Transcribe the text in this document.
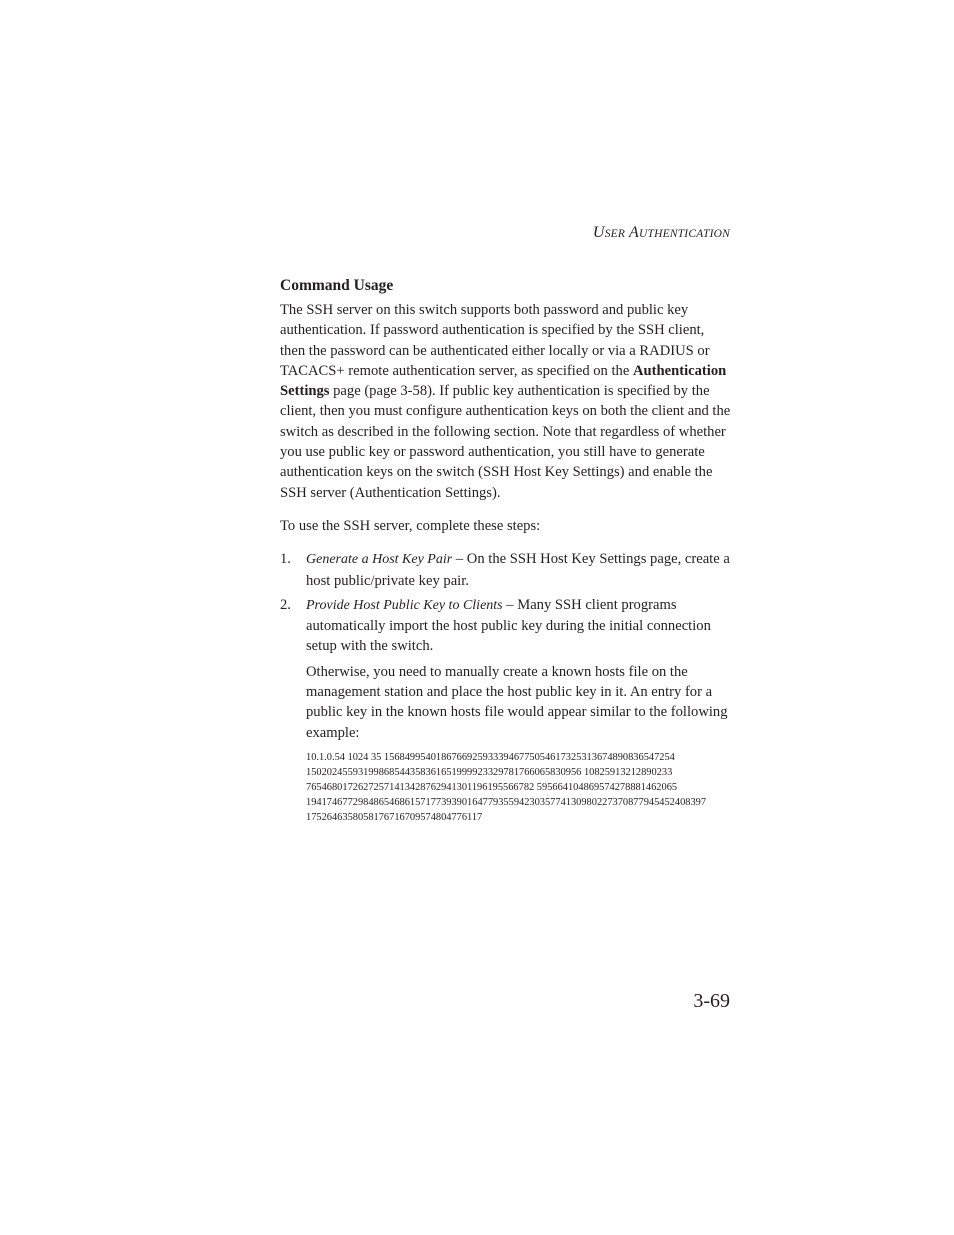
USER AUTHENTICATION
Command Usage

The SSH server on this switch supports both password and public key authentication. If password authentication is specified by the SSH client, then the password can be authenticated either locally or via a RADIUS or TACACS+ remote authentication server, as specified on the Authentication Settings page (page 3-58). If public key authentication is specified by the client, then you must configure authentication keys on both the client and the switch as described in the following section. Note that regardless of whether you use public key or password authentication, you still have to generate authentication keys on the switch (SSH Host Key Settings) and enable the SSH server (Authentication Settings).

To use the SSH server, complete these steps:

1.	Generate a Host Key Pair – On the SSH Host Key Settings page, create a host public/private key pair.
2.	Provide Host Public Key to Clients – Many SSH client programs automatically import the host public key during the initial connection setup with the switch.

Otherwise, you need to manually create a known hosts file on the management station and place the host public key in it. An entry for a public key in the known hosts file would appear similar to the following example:

10.1.0.54 1024 35 15684995401867669259333946775054617325313674890836547254
15020245593199868544358361651999923329781766065830956 10825913212890233
76546801726272571413428762941301196195566782 595664104869574278881462065
19417467729848654686157177393901647793559423035774130980227370877945452408397
1752646358058176716709574804776117
3-69
